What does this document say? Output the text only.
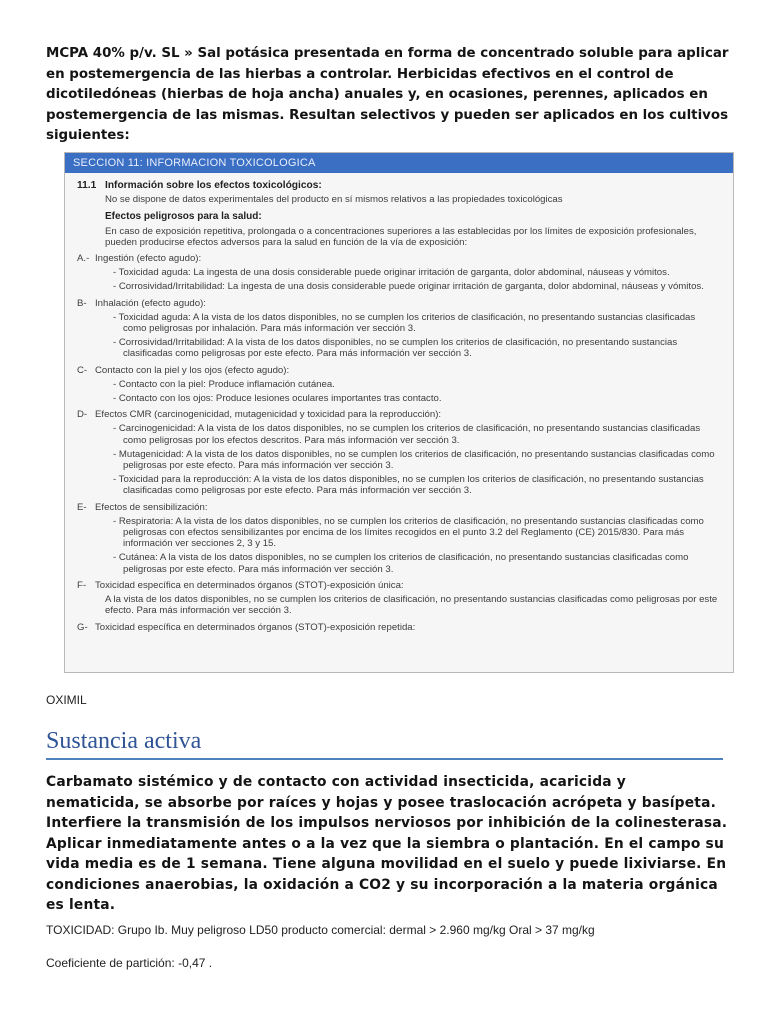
MCPA 40% p/v. SL » Sal potásica presentada en forma de concentrado soluble para aplicar

en postemergencia de las hierbas a controlar. Herbicidas efectivos en el control de

dicotiledóneas (hierbas de hoja ancha) anuales y, en ocasiones, perennes, aplicados en

postemergencia de las mismas. Resultan selectivos y pueden ser aplicados en los cultivos

siguientes:

SECCION 11: INFORMACION TOXICOLOGICA
11.1 Información sobre los efectos toxicológicos:
No se dispone de datos experimentales del producto en sí mismos relativos a las propiedades toxicológicas
Efectos peligrosos para la salud:
En caso de exposición repetitiva, prolongada o a concentraciones superiores a las establecidas por los límites de exposición profesionales, pueden producirse efectos adversos para la salud en función de la vía de exposición:
A.- Ingestión (efecto agudo):
- Toxicidad aguda: La ingesta de una dosis considerable puede originar irritación de garganta, dolor abdominal, náuseas y vómitos.
- Corrosividad/Irritabilidad: La ingesta de una dosis considerable puede originar irritación de garganta, dolor abdominal, náuseas y vómitos.
B- Inhalación (efecto agudo):
- Toxicidad aguda: A la vista de los datos disponibles, no se cumplen los criterios de clasificación, no presentando sustancias clasificadas como peligrosas por inhalación. Para más información ver sección 3.
- Corrosividad/Irritabilidad: A la vista de los datos disponibles, no se cumplen los criterios de clasificación, no presentando sustancias clasificadas como peligrosas por este efecto. Para más información ver sección 3.
C- Contacto con la piel y los ojos (efecto agudo):
- Contacto con la piel: Produce inflamación cutánea.
- Contacto con los ojos: Produce lesiones oculares importantes tras contacto.
D- Efectos CMR (carcinogenicidad, mutagenicidad y toxicidad para la reproducción):
- Carcinogenicidad: A la vista de los datos disponibles, no se cumplen los criterios de clasificación, no presentando sustancias clasificadas como peligrosas por los efectos descritos. Para más información ver sección 3.
- Mutagenicidad: A la vista de los datos disponibles, no se cumplen los criterios de clasificación, no presentando sustancias clasificadas como peligrosas por este efecto. Para más información ver sección 3.
- Toxicidad para la reproducción: A la vista de los datos disponibles, no se cumplen los criterios de clasificación, no presentando sustancias clasificadas como peligrosas por este efecto. Para más información ver sección 3.
E- Efectos de sensibilización:
- Respiratoria: A la vista de los datos disponibles, no se cumplen los criterios de clasificación, no presentando sustancias clasificadas como peligrosas con efectos sensibilizantes por encima de los límites recogidos en el punto 3.2 del Reglamento (CE) 2015/830. Para más información ver secciones 2, 3 y 15.
- Cutánea: A la vista de los datos disponibles, no se cumplen los criterios de clasificación, no presentando sustancias clasificadas como peligrosas por este efecto. Para más información ver sección 3.
F- Toxicidad específica en determinados órganos (STOT)-exposición única:
A la vista de los datos disponibles, no se cumplen los criterios de clasificación, no presentando sustancias clasificadas como peligrosas por este efecto. Para más información ver sección 3.
G- Toxicidad específica en determinados órganos (STOT)-exposición repetida:
OXIMIL
Sustancia activa

Carbamato sistémico y de contacto con actividad insecticida, acaricida y

nematicida, se absorbe por raíces y hojas y posee traslocación acrópeta y basípeta.

Interfiere la transmisión de los impulsos nerviosos por inhibición de la colinesterasa.

Aplicar inmediatamente antes o a la vez que la siembra o plantación. En el campo su

vida media es de 1 semana. Tiene alguna movilidad en el suelo y puede lixiviarse. En

condiciones anaerobias, la oxidación a CO2 y su incorporación a la materia orgánica

es lenta.

TOXICIDAD: Grupo Ib. Muy peligroso LD50 producto comercial: dermal > 2.960 mg/kg Oral > 37 mg/kg
Coeficiente de partición: -0,47 .
